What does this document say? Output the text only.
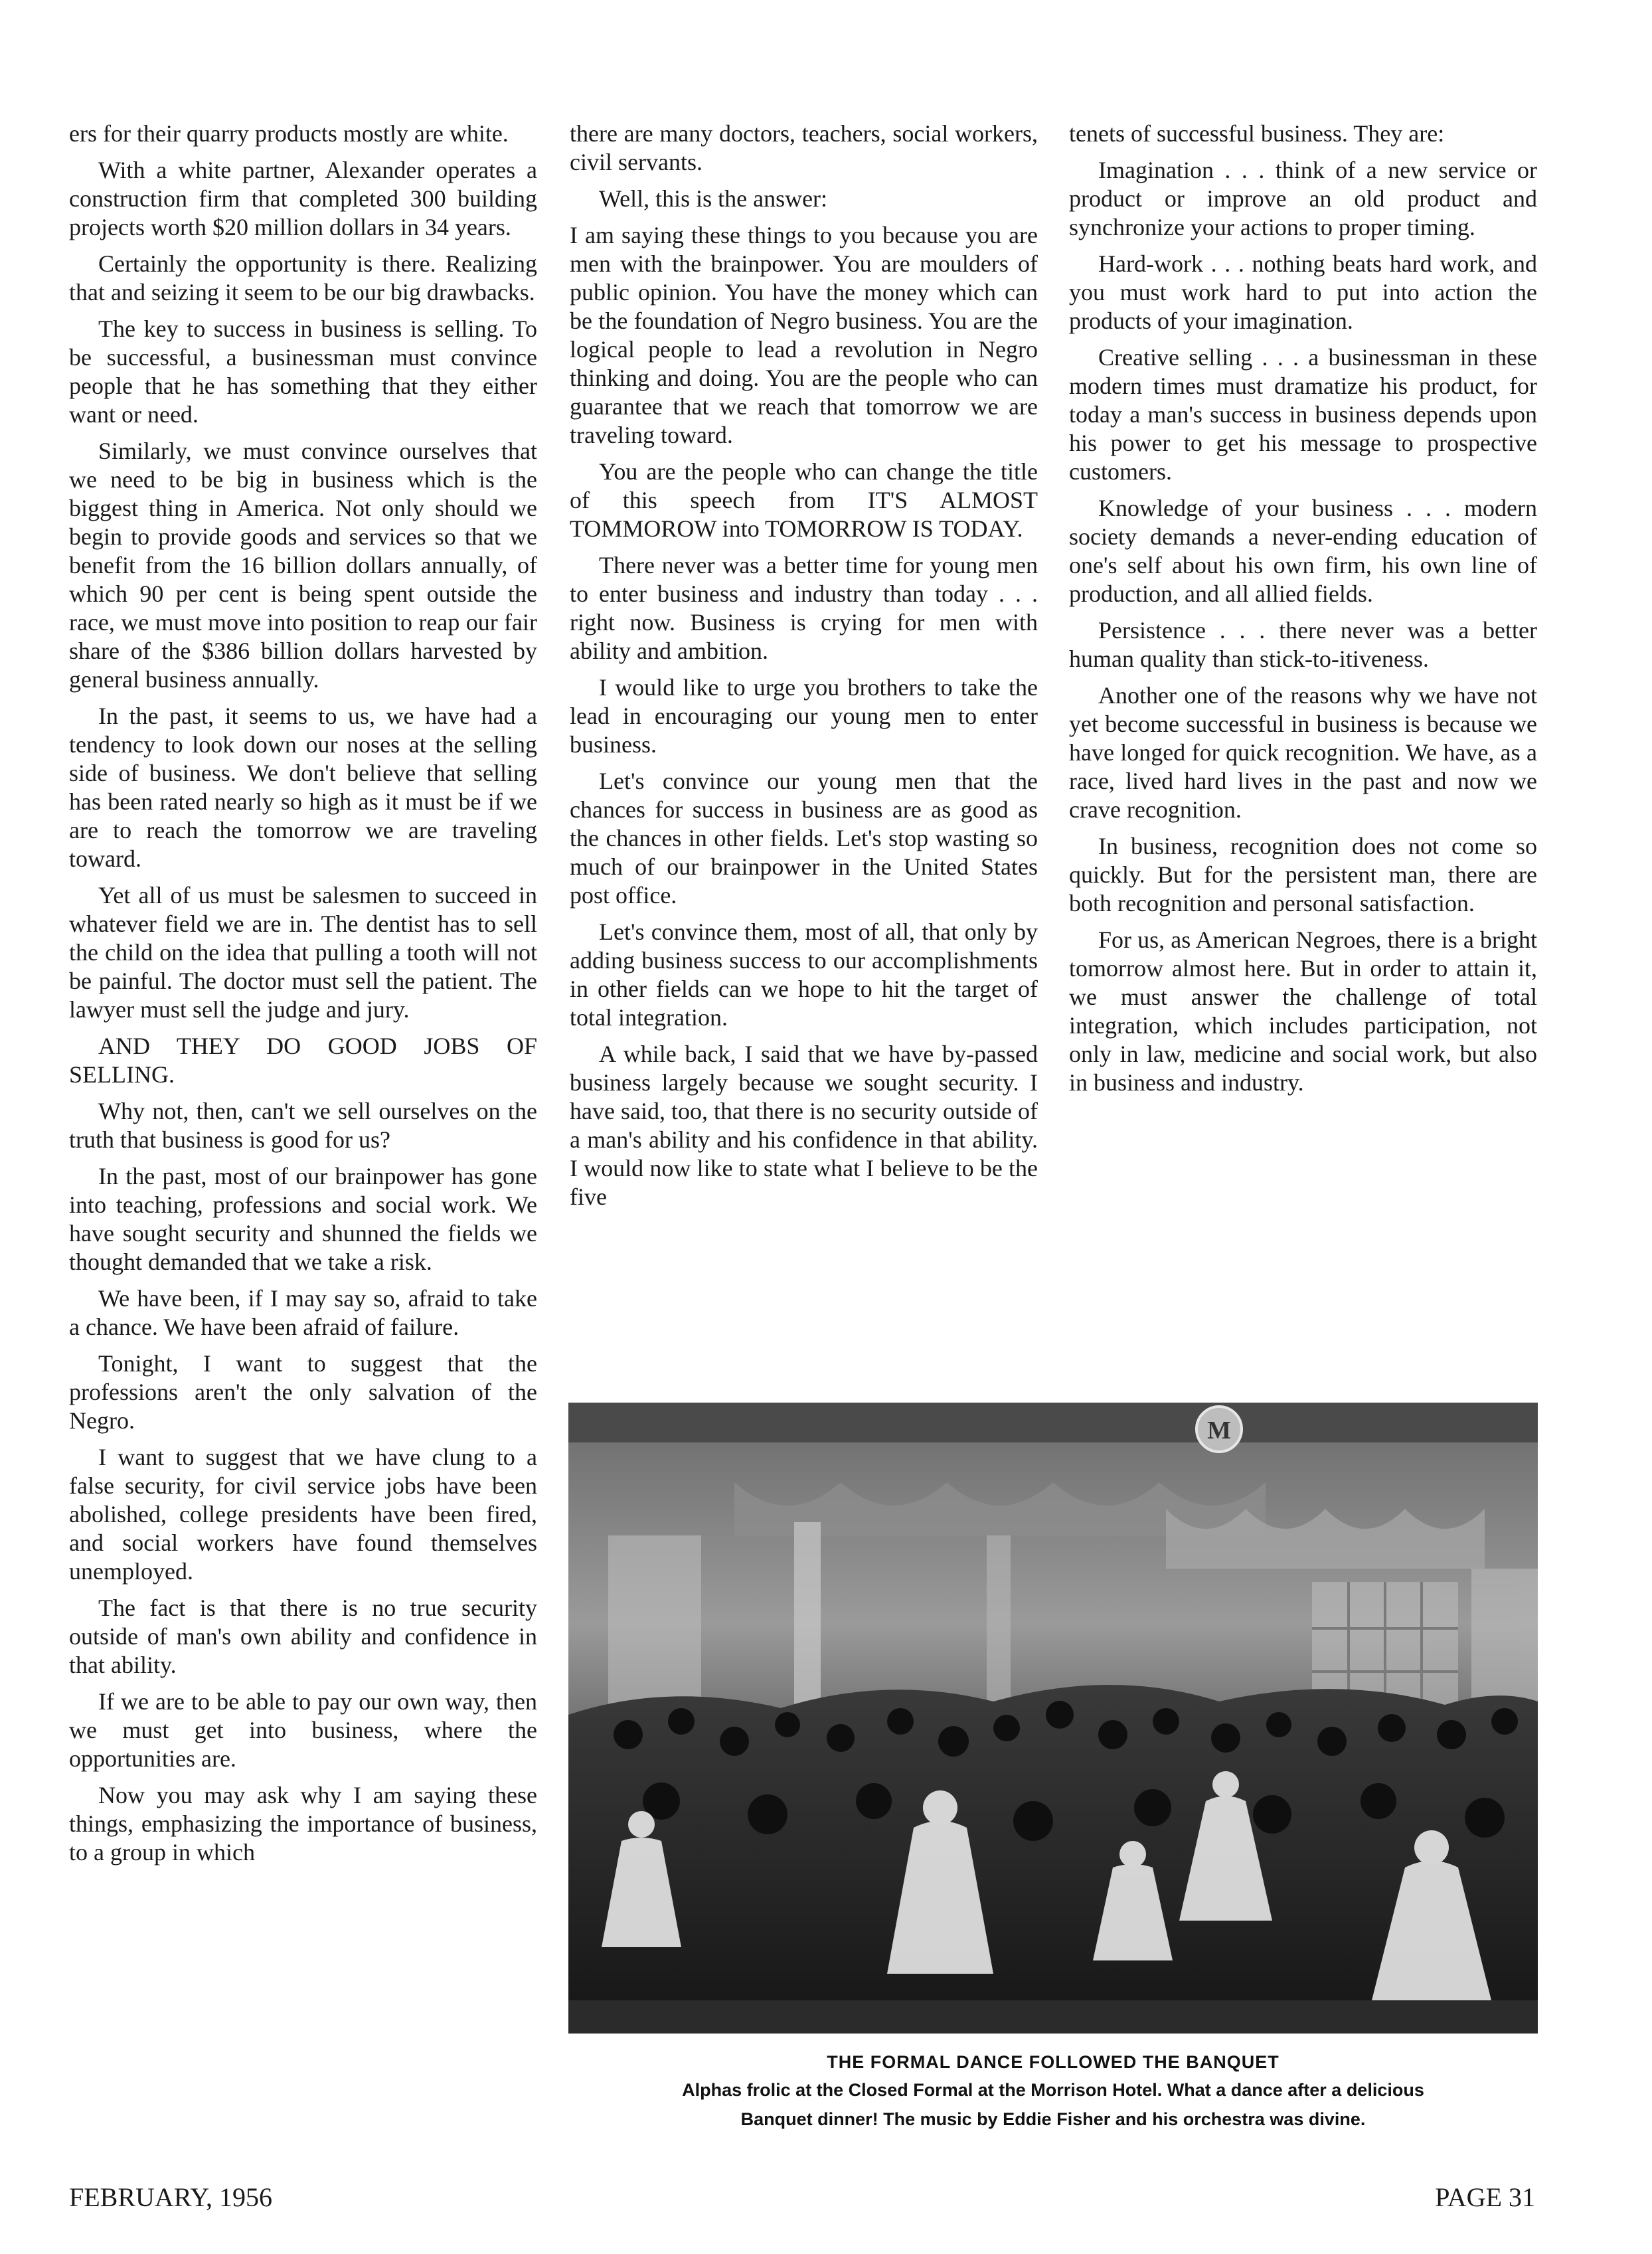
ers for their quarry products mostly are white.

With a white partner, Alexander operates a construction firm that completed 300 building projects worth $20 million dollars in 34 years.

Certainly the opportunity is there. Realizing that and seizing it seem to be our big drawbacks.

The key to success in business is selling. To be successful, a businessman must convince people that he has something that they either want or need.

Similarly, we must convince ourselves that we need to be big in business which is the biggest thing in America. Not only should we begin to provide goods and services so that we benefit from the 16 billion dollars annually, of which 90 per cent is being spent outside the race, we must move into position to reap our fair share of the $386 billion dollars harvested by general business annually.

In the past, it seems to us, we have had a tendency to look down our noses at the selling side of business. We don't believe that selling has been rated nearly so high as it must be if we are to reach the tomorrow we are traveling toward.

Yet all of us must be salesmen to succeed in whatever field we are in. The dentist has to sell the child on the idea that pulling a tooth will not be painful. The doctor must sell the patient. The lawyer must sell the judge and jury.

AND THEY DO GOOD JOBS OF SELLING.

Why not, then, can't we sell ourselves on the truth that business is good for us?

In the past, most of our brainpower has gone into teaching, professions and social work. We have sought security and shunned the fields we thought demanded that we take a risk.

We have been, if I may say so, afraid to take a chance. We have been afraid of failure.

Tonight, I want to suggest that the professions aren't the only salvation of the Negro.

I want to suggest that we have clung to a false security, for civil service jobs have been abolished, college presidents have been fired, and social workers have found themselves unemployed.

The fact is that there is no true security outside of man's own ability and confidence in that ability.

If we are to be able to pay our own way, then we must get into business, where the opportunities are.

Now you may ask why I am saying these things, emphasizing the importance of business, to a group in which

there are many doctors, teachers, social workers, civil servants.

Well, this is the answer:

I am saying these things to you because you are men with the brainpower. You are moulders of public opinion. You have the money which can be the foundation of Negro business. You are the logical people to lead a revolution in Negro thinking and doing. You are the people who can guarantee that we reach that tomorrow we are traveling toward.

You are the people who can change the title of this speech from IT'S ALMOST TOMMOROW into TOMORROW IS TODAY.

There never was a better time for young men to enter business and industry than today . . . right now. Business is crying for men with ability and ambition.

I would like to urge you brothers to take the lead in encouraging our young men to enter business.

Let's convince our young men that the chances for success in business are as good as the chances in other fields. Let's stop wasting so much of our brainpower in the United States post office.

Let's convince them, most of all, that only by adding business success to our accomplishments in other fields can we hope to hit the target of total integration.

A while back, I said that we have by-passed business largely because we sought security. I have said, too, that there is no security outside of a man's ability and his confidence in that ability. I would now like to state what I believe to be the five

tenets of successful business. They are:

Imagination . . . think of a new service or product or improve an old product and synchronize your actions to proper timing.

Hard-work . . . nothing beats hard work, and you must work hard to put into action the products of your imagination.

Creative selling . . . a businessman in these modern times must dramatize his product, for today a man's success in business depends upon his power to get his message to prospective customers.

Knowledge of your business . . . modern society demands a never-ending education of one's self about his own firm, his own line of production, and all allied fields.

Persistence . . . there never was a better human quality than stick-to-itiveness.

Another one of the reasons why we have not yet become successful in business is because we have longed for quick recognition. We have, as a race, lived hard lives in the past and now we crave recognition.

In business, recognition does not come so quickly. But for the persistent man, there are both recognition and personal satisfaction.

For us, as American Negroes, there is a bright tomorrow almost here. But in order to attain it, we must answer the challenge of total integration, which includes participation, not only in law, medicine and social work, but also in business and industry.

M
THE FORMAL DANCE FOLLOWED THE BANQUET
Alphas frolic at the Closed Formal at the Morrison Hotel. What a dance after a delicious
Banquet dinner! The music by Eddie Fisher and his orchestra was divine.
FEBRUARY, 1956	PAGE 31
